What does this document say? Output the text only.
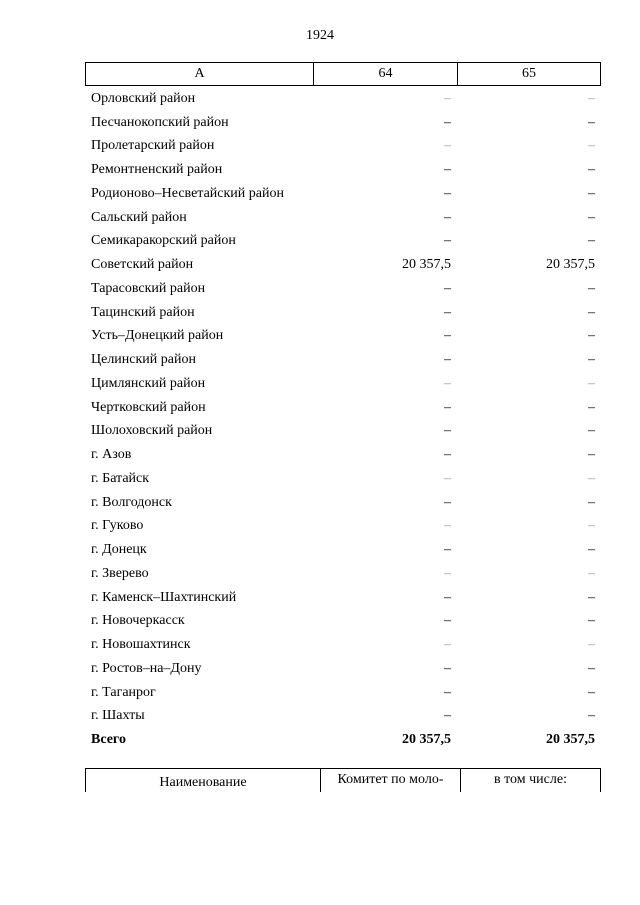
1924
А	64	65
Орловский район	–	–
Песчанокопский район	–	–
Пролетарский район	–	–
Ремонтненский район	–	–
Родионово–Несветайский район	–	–
Сальский район	–	–
Семикаракорский район	–	–
Советский район	20 357,5	20 357,5
Тарасовский район	–	–
Тацинский район	–	–
Усть–Донецкий район	–	–
Целинский район	–	–
Цимлянский район	–	–
Чертковский район	–	–
Шолоховский район	–	–
г. Азов	–	–
г. Батайск	–	–
г. Волгодонск	–	–
г. Гуково	–	–
г. Донецк	–	–
г. Зверево	–	–
г. Каменск–Шахтинский	–	–
г. Новочеркасск	–	–
г. Новошахтинск	–	–
г. Ростов–на–Дону	–	–
г. Таганрог	–	–
г. Шахты	–	–
Всего	20 357,5	20 357,5
Наименование	Комитет по моло-	в том числе:
